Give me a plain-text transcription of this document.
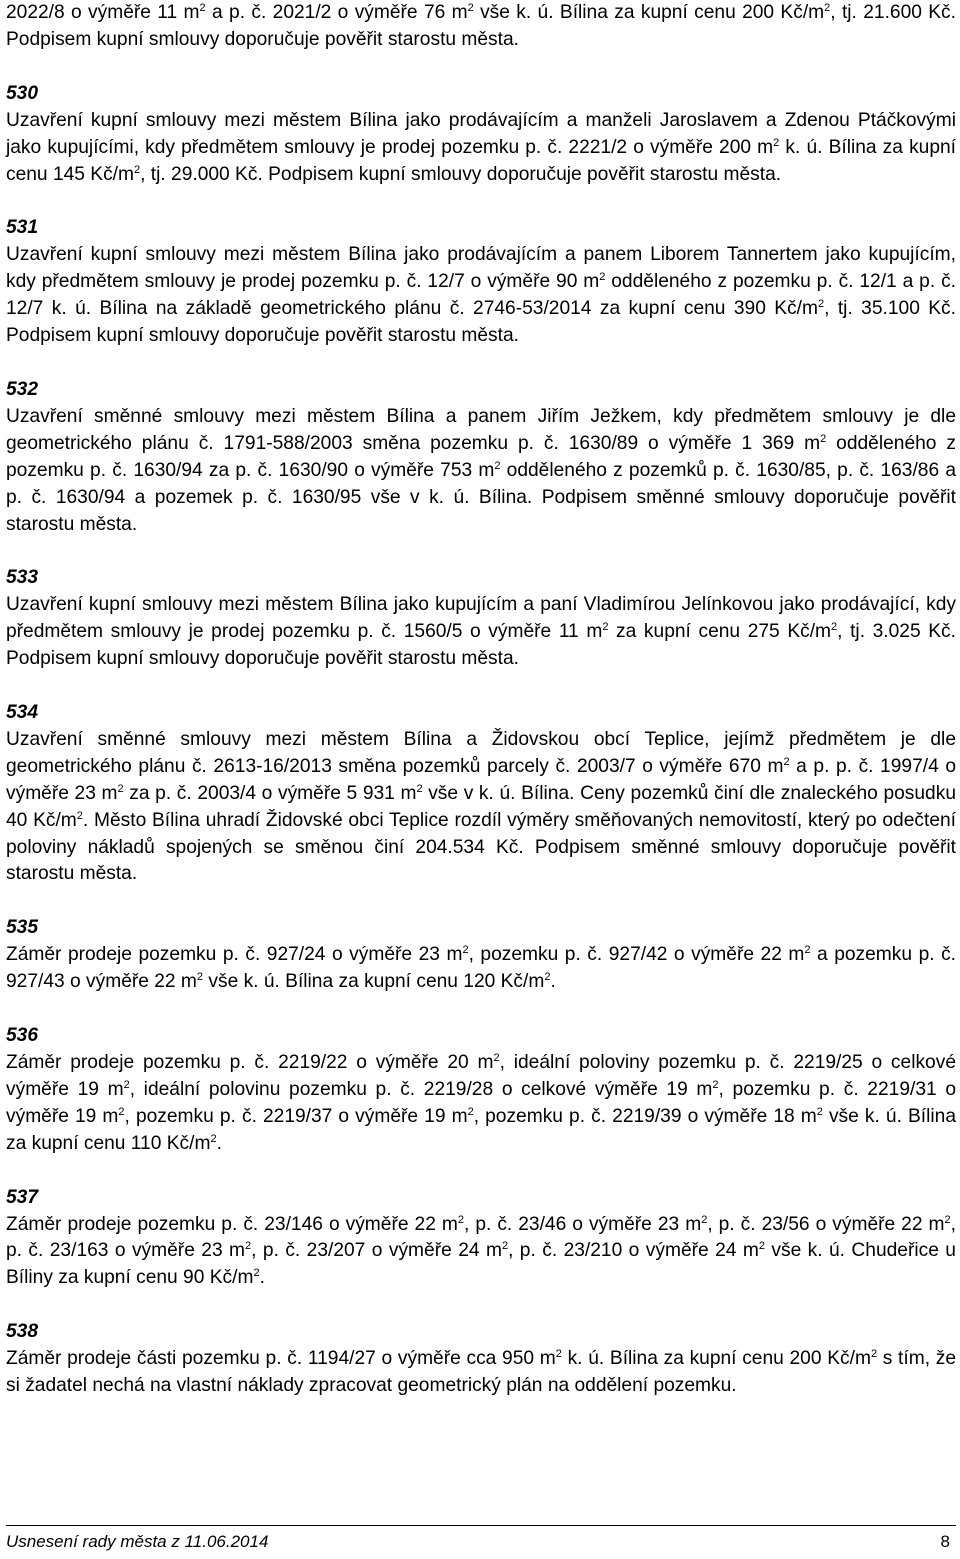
2022/8 o výměře 11 $m^2$ a p. č. 2021/2 o výměře 76 $m^2$ vše k. ú. Bílina za kupní cenu 200 $Kč/m^2$, tj. 21.600 Kč. Podpisem kupní smlouvy doporučuje pověřit starostu města.

530

Uzavření kupní smlouvy mezi městem Bílina jako prodávajícím a manželi Jaroslavem a Zdenou Ptáčkovými jako kupujícími, kdy předmětem smlouvy je prodej pozemku p. č. 2221/2 o výměře 200 $m^2$ k. ú. Bílina za kupní cenu 145 $Kč/m^2$, tj. 29.000 Kč. Podpisem kupní smlouvy doporučuje pověřit starostu města.

531

Uzavření kupní smlouvy mezi městem Bílina jako prodávajícím a panem Liborem Tannertem jako kupujícím, kdy předmětem smlouvy je prodej pozemku p. č. 12/7 o výměře 90 $m^2$ odděleného z pozemku p. č. 12/1 a p. č. 12/7 k. ú. Bílina na základě geometrického plánu č. 2746-53/2014 za kupní cenu 390 $Kč/m^2$, tj. 35.100 Kč. Podpisem kupní smlouvy doporučuje pověřit starostu města.

532

Uzavření směnné smlouvy mezi městem Bílina a panem Jiřím Ježkem, kdy předmětem smlouvy je dle geometrického plánu č. 1791-588/2003 směna pozemku p. č. 1630/89 o výměře 1 369 $m^2$ odděleného z pozemku p. č. 1630/94 za p. č. 1630/90 o výměře 753 $m^2$ odděleného z pozemků p. č. 1630/85, p. č. 163/86 a p. č. 1630/94 a pozemek p. č. 1630/95 vše v k. ú. Bílina. Podpisem směnné smlouvy doporučuje pověřit starostu města.

533

Uzavření kupní smlouvy mezi městem Bílina jako kupujícím a paní Vladimírou Jelínkovou jako prodávající, kdy předmětem smlouvy je prodej pozemku p. č. 1560/5 o výměře 11 $m^2$ za kupní cenu 275 $Kč/m^2$, tj. 3.025 Kč. Podpisem kupní smlouvy doporučuje pověřit starostu města.

534

Uzavření směnné smlouvy mezi městem Bílina a Židovskou obcí Teplice, jejímž předmětem je dle geometrického plánu č. 2613-16/2013 směna pozemků parcely č. 2003/7 o výměře 670 $m^2$ a p. p. č. 1997/4 o výměře 23 $m^2$ za p. č. 2003/4 o výměře 5 931 $m^2$ vše v k. ú. Bílina. Ceny pozemků činí dle znaleckého posudku 40 $Kč/m^2$. Město Bílina uhradí Židovské obci Teplice rozdíl výměry směňovaných nemovitostí, který po odečtení poloviny nákladů spojených se směnou činí 204.534 Kč. Podpisem směnné smlouvy doporučuje pověřit starostu města.

535

Záměr prodeje pozemku p. č. 927/24 o výměře 23 $m^2$, pozemku p. č. 927/42 o výměře 22 $m^2$ a pozemku p. č. 927/43 o výměře 22 $m^2$ vše k. ú. Bílina za kupní cenu 120 $Kč/m^2$.

536

Záměr prodeje pozemku p. č. 2219/22 o výměře 20 $m^2$, ideální poloviny pozemku p. č. 2219/25 o celkové výměře 19 $m^2$, ideální polovinu pozemku p. č. 2219/28 o celkové výměře 19 $m^2$, pozemku p. č. 2219/31 o výměře 19 $m^2$, pozemku p. č. 2219/37 o výměře 19 $m^2$, pozemku p. č. 2219/39 o výměře 18 $m^2$ vše k. ú. Bílina za kupní cenu 110 $Kč/m^2$.

537

Záměr prodeje pozemku p. č. 23/146 o výměře 22 $m^2$, p. č. 23/46 o výměře 23 $m^2$, p. č. 23/56 o výměře 22 $m^2$, p. č. 23/163 o výměře 23 $m^2$, p. č. 23/207 o výměře 24 $m^2$, p. č. 23/210 o výměře 24 $m^2$ vše k. ú. Chudeřice u Bíliny za kupní cenu 90 $Kč/m^2$.

538

Záměr prodeje části pozemku p. č. 1194/27 o výměře cca 950 $m^2$ k. ú. Bílina za kupní cenu 200 $Kč/m^2$ s tím, že si žadatel nechá na vlastní náklady zpracovat geometrický plán na oddělení pozemku.

Usnesení rady města z 11.06.2014	8
